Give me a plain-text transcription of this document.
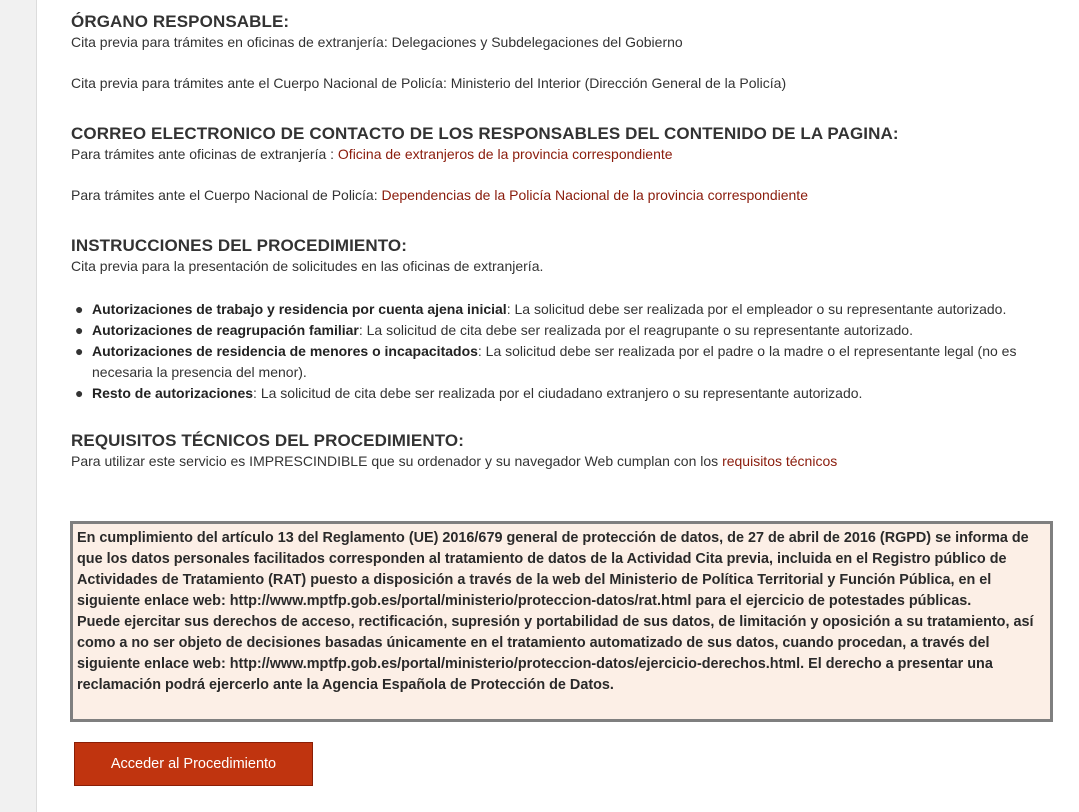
ÓRGANO RESPONSABLE:

Cita previa para trámites en oficinas de extranjería: Delegaciones y Subdelegaciones del Gobierno

Cita previa para trámites ante el Cuerpo Nacional de Policía: Ministerio del Interior (Dirección General de la Policía)

CORREO ELECTRONICO DE CONTACTO DE LOS RESPONSABLES DEL CONTENIDO DE LA PAGINA:

Para trámites ante oficinas de extranjería : Oficina de extranjeros de la provincia correspondiente

Para trámites ante el Cuerpo Nacional de Policía: Dependencias de la Policía Nacional de la provincia correspondiente

INSTRUCCIONES DEL PROCEDIMIENTO:

Cita previa para la presentación de solicitudes en las oficinas de extranjería.

● Autorizaciones de trabajo y residencia por cuenta ajena inicial: La solicitud debe ser realizada por el empleador o su representante autorizado.
● Autorizaciones de reagrupación familiar: La solicitud de cita debe ser realizada por el reagrupante o su representante autorizado.
● Autorizaciones de residencia de menores o incapacitados: La solicitud debe ser realizada por el padre o la madre o el representante legal (no es necesaria la presencia del menor).
● Resto de autorizaciones: La solicitud de cita debe ser realizada por el ciudadano extranjero o su representante autorizado.
REQUISITOS TÉCNICOS DEL PROCEDIMIENTO:

Para utilizar este servicio es IMPRESCINDIBLE que su ordenador y su navegador Web cumplan con los requisitos técnicos

En cumplimiento del artículo 13 del Reglamento (UE) 2016/679 general de protección de datos, de 27 de abril de 2016 (RGPD) se informa de que los datos personales facilitados corresponden al tratamiento de datos de la Actividad Cita previa, incluida en el Registro público de Actividades de Tratamiento (RAT) puesto a disposición a través de la web del Ministerio de Política Territorial y Función Pública, en el siguiente enlace web: http://www.mptfp.gob.es/portal/ministerio/proteccion-datos/rat.html para el ejercicio de potestades públicas.

Puede ejercitar sus derechos de acceso, rectificación, supresión y portabilidad de sus datos, de limitación y oposición a su tratamiento, así como a no ser objeto de decisiones basadas únicamente en el tratamiento automatizado de sus datos, cuando procedan, a través del siguiente enlace web: http://www.mptfp.gob.es/portal/ministerio/proteccion-datos/ejercicio-derechos.html. El derecho a presentar una reclamación podrá ejercerlo ante la Agencia Española de Protección de Datos.

Acceder al Procedimiento
